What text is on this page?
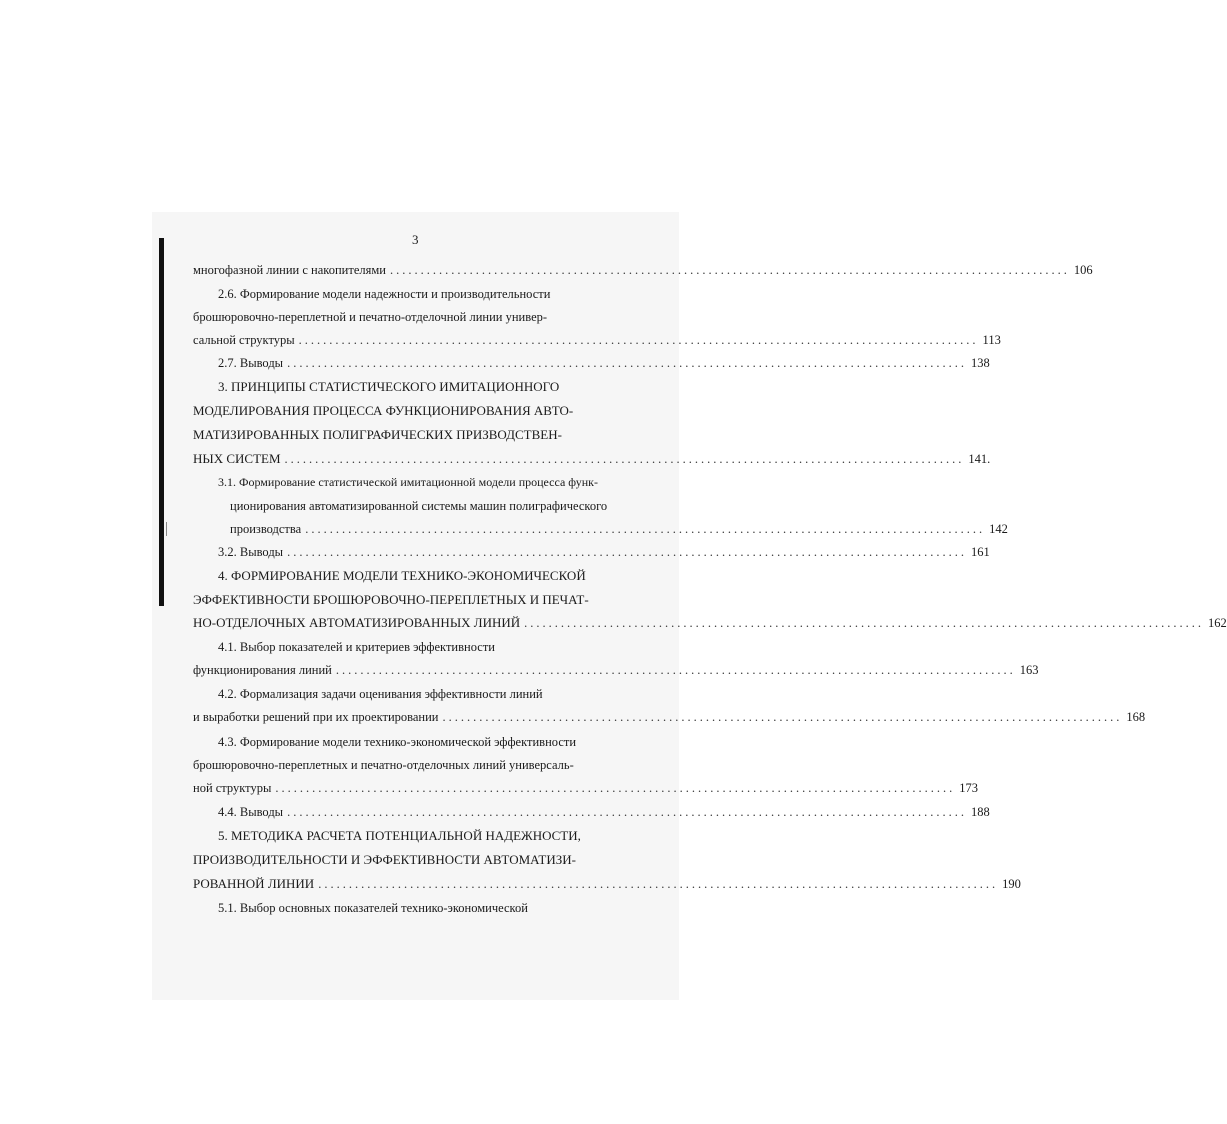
3
многофазной линии с накопителями ............................................................................................................... 106
2.6. Формирование модели надежности и производительности
брошюровочно-переплетной и печатно-отделочной линии универ-
сальной структуры ............................................................................................................... 113
2.7. Выводы ............................................................................................................... 138
3. ПРИНЦИПЫ СТАТИСТИЧЕСКОГО ИМИТАЦИОННОГО
МОДЕЛИРОВАНИЯ ПРОЦЕССА ФУНКЦИОНИРОВАНИЯ АВТО-
МАТИЗИРОВАННЫХ ПОЛИГРАФИЧЕСКИХ ПРИЗВОДСТВЕН-
НЫХ СИСТЕМ ............................................................................................................... 141.
3.1. Формирование статистической имитационной модели процесса функ-
ционирования автоматизированной системы машин полиграфического
производства ............................................................................................................... 142
3.2. Выводы ............................................................................................................... 161
4. ФОРМИРОВАНИЕ МОДЕЛИ ТЕХНИКО-ЭКОНОМИЧЕСКОЙ
ЭФФЕКТИВНОСТИ БРОШЮРОВОЧНО-ПЕРЕПЛЕТНЫХ И ПЕЧАТ-
НО-ОТДЕЛОЧНЫХ АВТОМАТИЗИРОВАННЫХ ЛИНИЙ ............................................................................................................... 162
4.1. Выбор показателей и критериев эффективности
функционирования линий ............................................................................................................... 163
4.2. Формализация задачи оценивания эффективности линий
и выработки решений при их проектировании ............................................................................................................... 168
4.3. Формирование модели технико-экономической эффективности
брошюровочно-переплетных и печатно-отделочных линий универсаль-
ной структуры ............................................................................................................... 173
4.4. Выводы ............................................................................................................... 188
5. МЕТОДИКА РАСЧЕТА ПОТЕНЦИАЛЬНОЙ НАДЕЖНОСТИ,
ПРОИЗВОДИТЕЛЬНОСТИ И ЭФФЕКТИВНОСТИ АВТОМАТИЗИ-
РОВАННОЙ ЛИНИИ ............................................................................................................... 190
5.1. Выбор основных показателей технико-экономической
